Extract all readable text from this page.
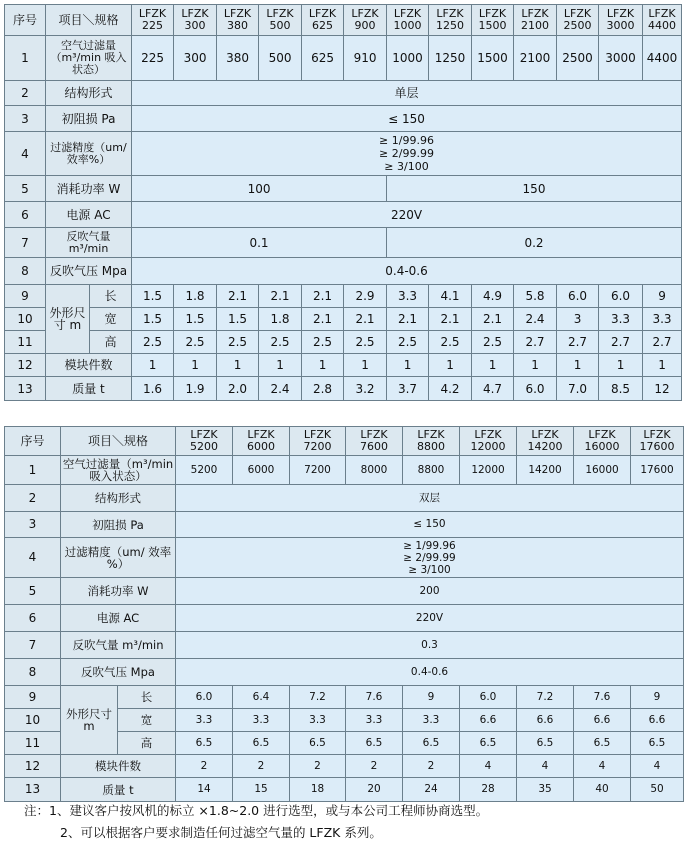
序号	项目＼规格		LFZK 225	LFZK 300	LFZK 380	LFZK 500	LFZK 625	LFZK 900	LFZK 1000	LFZK 1250	LFZK 1500	LFZK 2100	LFZK 2500	LFZK 3000	LFZK 4400
1	空气过滤量（m³/min 吸入状态）		225	300	380	500	625	910	1000	1250	1500	2100	2500	3000	4400
2	结构形式		单层												
3	初阻损 Pa		≤ 150												
4	过滤精度（um/效率%）		≥ 1/99.96
≥ 2/99.99
≥ 3/100												

5	消耗功率 W		100						150						
6	电源 AC		220V												
7	反吹气量 m³/min		0.1						0.2						
8	反吹气压 Mpa		0.4-0.6												
9	外形尺寸 m	长	1.5	1.8	2.1	2.1	2.1	2.9	3.3	4.1	4.9	5.8	6.0	6.0	9
10		宽	1.5	1.5	1.5	1.8	2.1	2.1	2.1	2.1	2.1	2.4	3	3.3	3.3
11		高	2.5	2.5	2.5	2.5	2.5	2.5	2.5	2.5	2.5	2.7	2.7	2.7	2.7
12	模块件数		1	1	1	1	1	1	1	1	1	1	1	1	1
13	质量 t		1.6	1.9	2.0	2.4	2.8	3.2	3.7	4.2	4.7	6.0	7.0	8.5	12
序号	项目＼规格		LFZK 5200	LFZK 6000	LFZK 7200	LFZK 7600	LFZK 8800	LFZK 12000	LFZK 14200	LFZK 16000	LFZK 17600
1	空气过滤量（m³/min吸入状态）		5200	6000	7200	8000	8800	12000	14200	16000	17600
2	结构形式		双层								
3	初阻损 Pa		≤ 150								
4	过滤精度（um/ 效率 %）		≥ 1/99.96
≥ 2/99.99
≥ 3/100								

5	消耗功率 W		200								
6	电源 AC		220V								
7	反吹气量 m³/min		0.3								
8	反吹气压 Mpa		0.4-0.6								
9	外形尺寸 m	长	6.0	6.4	7.2	7.6	9	6.0	7.2	7.6	9
10		宽	3.3	3.3	3.3	3.3	3.3	6.6	6.6	6.6	6.6
11		高	6.5	6.5	6.5	6.5	6.5	6.5	6.5	6.5	6.5
12	模块件数		2	2	2	2	2	4	4	4	4
13	质量 t		14	15	18	20	24	28	35	40	50
注：1、建议客户按风机的标立 ×1.8~2.0 进行选型，或与本公司工程师协商选型。
2、可以根据客户要求制造任何过滤空气量的 LFZK 系列。
